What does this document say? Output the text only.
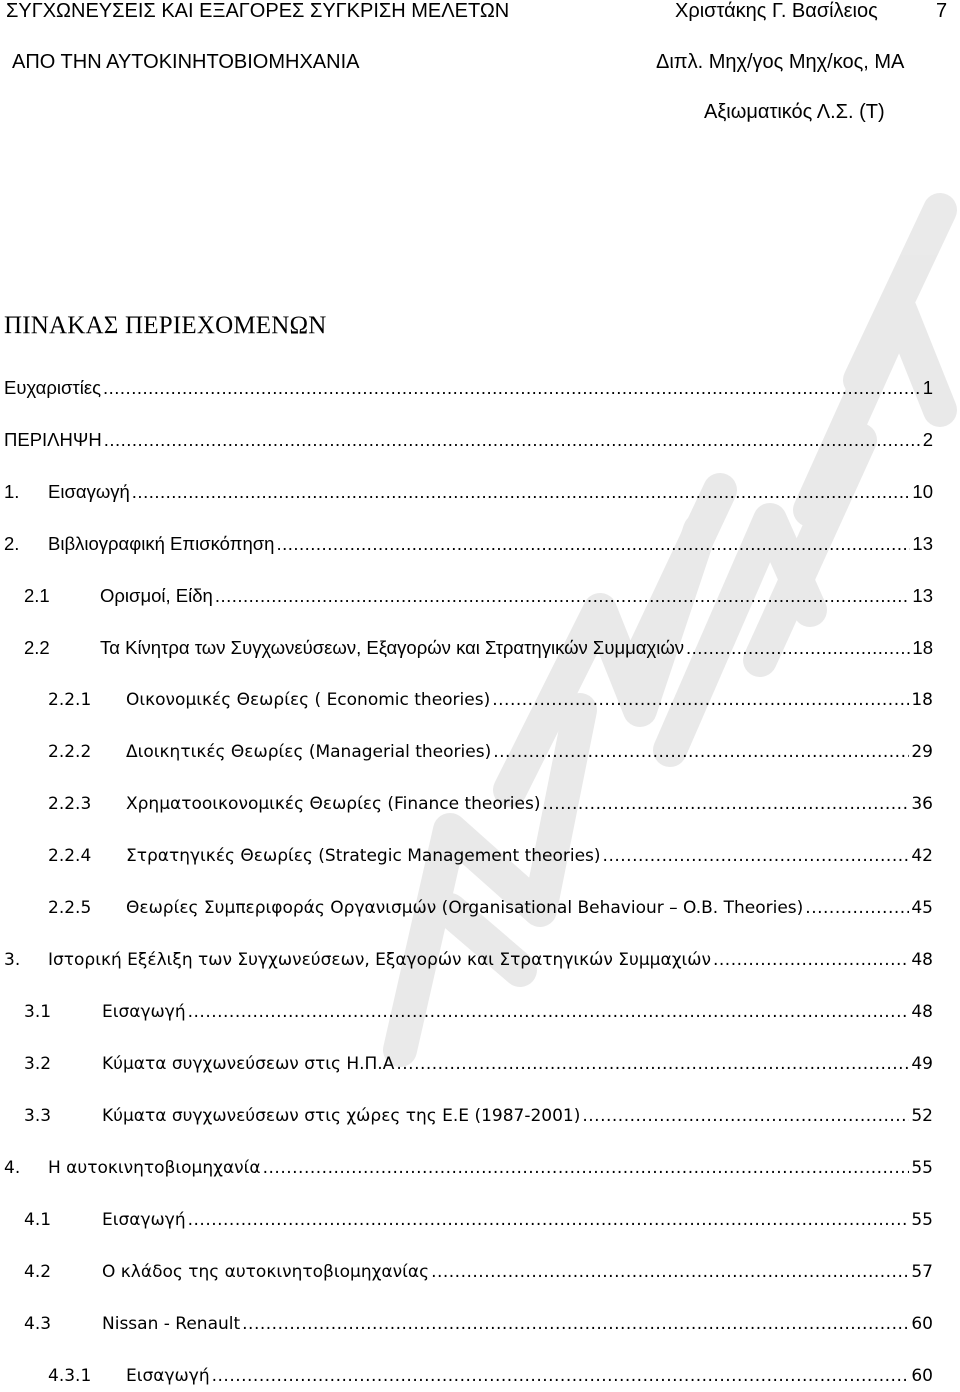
ΣΥΓΧΩΝΕΥΣΕΙΣ ΚΑΙ ΕΞΑΓΟΡΕΣ ΣΥΓΚΡΙΣΗ ΜΕΛΕΤΩΝ
ΑΠΟ ΤΗΝ ΑΥΤΟΚΙΝΗΤΟΒΙΟΜΗΧΑΝΙΑ
Χριστάκης Γ. Βασίλειος	7
Διπλ. Μηχ/γος Μηχ/κος, ΜΑ
Αξιωματικός Λ.Σ. (Τ)
ΠΙΝΑΚΑΣ ΠΕΡΙΕΧΟΜΕΝΩΝ
Ευχαριστίες .....	1
ΠΕΡΙΛΗΨΗ .....	2
1.	Εισαγωγή .....	10
2.	Βιβλιογραφική Επισκόπηση .....	13
2.1	Ορισμοί, Είδη .....	13
2.2	Τα Κίνητρα των Συγχωνεύσεων, Εξαγορών και Στρατηγικών Συμμαχιών .....	18
2.2.1	Οικονομικές Θεωρίες ( Economic theories) .....	18
2.2.2	Διοικητικές Θεωρίες (Managerial theories) .....	29
2.2.3	Χρηματοοικονομικές Θεωρίες (Finance theories) .....	36
2.2.4	Στρατηγικές Θεωρίες (Strategic Management theories) .....	42
2.2.5	Θεωρίες Συμπεριφοράς Οργανισμών (Organisational Behaviour – O.B. Theories) .....	45
3.	Ιστορική Εξέλιξη των Συγχωνεύσεων, Εξαγορών και Στρατηγικών Συμμαχιών .....	48
3.1	Εισαγωγή .....	48
3.2	Κύματα συγχωνεύσεων στις Η.Π.Α .....	49
3.3	Κύματα συγχωνεύσεων στις χώρες της Ε.Ε (1987-2001) .....	52
4.	Η αυτοκινητοβιομηχανία .....	55
4.1	Εισαγωγή .....	55
4.2	Ο κλάδος της αυτοκινητοβιομηχανίας .....	57
4.3	Nissan - Renault .....	60
4.3.1	Εισαγωγή .....	60
